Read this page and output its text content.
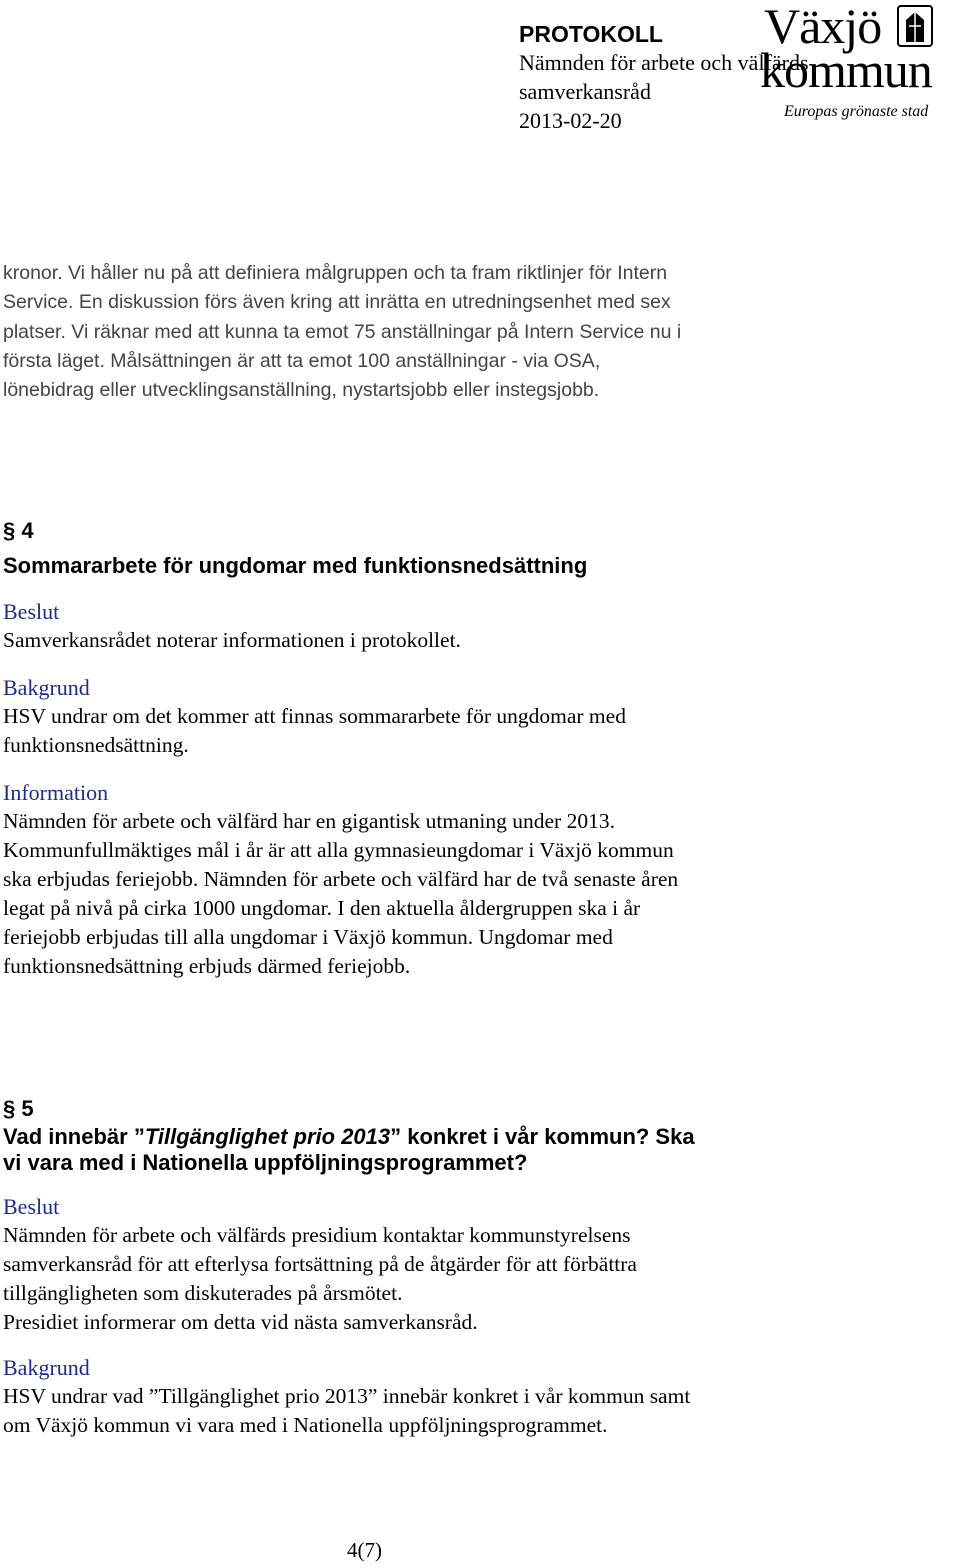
PROTOKOLL

Nämnden för arbete och välfärds

samverkansråd

2013-02-20

Växjö
kommun
Europas grönaste stad

kronor. Vi håller nu på att definiera målgruppen och ta fram riktlinjer för Intern

Service. En diskussion förs även kring att inrätta en utredningsenhet med sex

platser. Vi räknar med att kunna ta emot 75 anställningar på Intern Service nu i

första läget. Målsättningen är att ta emot 100 anställningar - via OSA,

lönebidrag eller utvecklingsanställning, nystartsjobb eller instegsjobb.

§ 4

Sommararbete för ungdomar med funktionsnedsättning

Beslut

Samverkansrådet noterar informationen i protokollet.

Bakgrund

HSV undrar om det kommer att finnas sommararbete för ungdomar med

funktionsnedsättning.

Information

Nämnden för arbete och välfärd har en gigantisk utmaning under 2013.

Kommunfullmäktiges mål i år är att alla gymnasieungdomar i Växjö kommun

ska erbjudas feriejobb. Nämnden för arbete och välfärd har de två senaste åren

legat på nivå på cirka 1000 ungdomar. I den aktuella åldergruppen ska i år

feriejobb erbjudas till alla ungdomar i Växjö kommun. Ungdomar med

funktionsnedsättning erbjuds därmed feriejobb.

§ 5

Vad innebär ”Tillgänglighet prio 2013” konkret i vår kommun? Ska

vi vara med i Nationella uppföljningsprogrammet?

Beslut

Nämnden för arbete och välfärds presidium kontaktar kommunstyrelsens

samverkansråd för att efterlysa fortsättning på de åtgärder för att förbättra

tillgängligheten som diskuterades på årsmötet.

Presidiet informerar om detta vid nästa samverkansråd.

Bakgrund

HSV undrar vad ”Tillgänglighet prio 2013” innebär konkret i vår kommun samt

om Växjö kommun vi vara med i Nationella uppföljningsprogrammet.

4(7)
